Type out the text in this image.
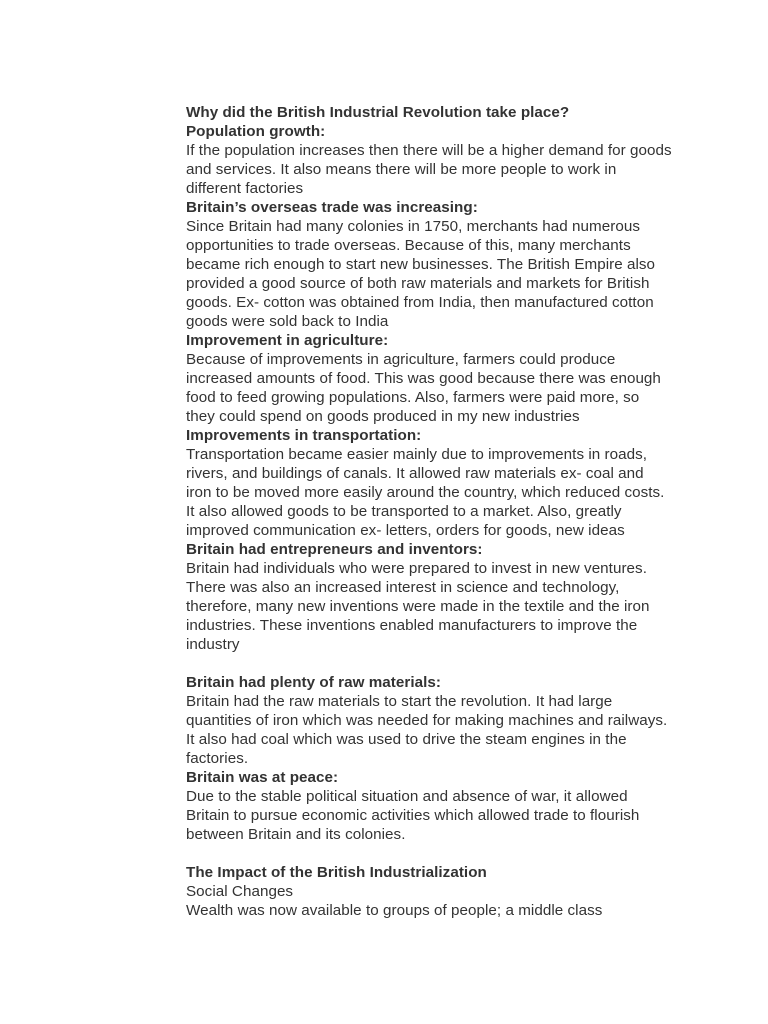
Why did the British Industrial Revolution take place?

Population growth:

If the population increases then there will be a higher demand for goods and services. It also means there will be more people to work in different factories

Britain’s overseas trade was increasing:

Since Britain had many colonies in 1750, merchants had numerous opportunities to trade overseas. Because of this, many merchants became rich enough to start new businesses. The British Empire also provided a good source of both raw materials and markets for British goods. Ex- cotton was obtained from India, then manufactured cotton goods were sold back to India

Improvement in agriculture:

Because of improvements in agriculture, farmers could produce increased amounts of food. This was good because there was enough food to feed growing populations. Also, farmers were paid more, so they could spend on goods produced in my new industries

Improvements in transportation:

Transportation became easier mainly due to improvements in roads, rivers, and buildings of canals. It allowed raw materials ex- coal and iron to be moved more easily around the country, which reduced costs. It also allowed goods to be transported to a market. Also, greatly improved communication ex- letters, orders for goods, new ideas

Britain had entrepreneurs and inventors:

Britain had individuals who were prepared to invest in new ventures. There was also an increased interest in science and technology, therefore, many new inventions were made in the textile and the iron industries. These inventions enabled manufacturers to improve the industry

Britain had plenty of raw materials:

Britain had the raw materials to start the revolution. It had large quantities of iron which was needed for making machines and railways. It also had coal which was used to drive the steam engines in the factories.

Britain was at peace:

Due to the stable political situation and absence of war, it allowed Britain to pursue economic activities which allowed trade to flourish between Britain and its colonies.

The Impact of the British Industrialization

Social Changes

Wealth was now available to groups of people; a middle class
